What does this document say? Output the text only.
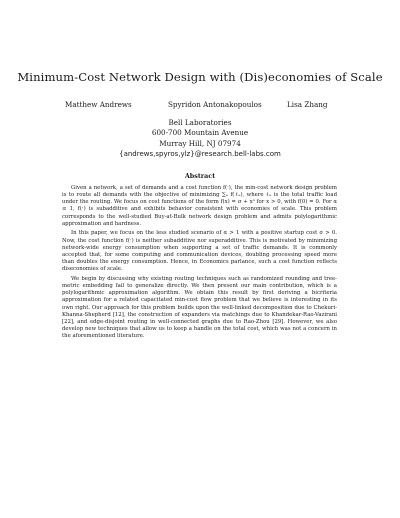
Minimum-Cost Network Design with (Dis)economies of Scale
Matthew Andrews	Spyridon Antonakopoulos	Lisa Zhang
Bell Laboratories
600-700 Mountain Avenue
Murray Hill, NJ 07974
{andrews,spyros,ylz}@research.bell-labs.com
Abstract

Given a network, a set of demands and a cost function f(·), the min-cost network design problem is to route all demands with the objective of minimizing ∑ₑ f(ℓₑ), where ℓₑ is the total traffic load under the routing. We focus on cost functions of the form f(x) = σ + xᵅ for x > 0, with f(0) = 0. For α ≤ 1, f(·) is subadditive and exhibits behavior consistent with economies of scale. This problem corresponds to the well-studied Buy-at-Bulk network design problem and admits polylogarithmic approximation and hardness.

In this paper, we focus on the less studied scenario of α > 1 with a positive startup cost σ > 0. Now, the cost function f(·) is neither subadditive nor superadditive. This is motivated by minimizing network-wide energy consumption when supporting a set of traffic demands. It is commonly accepted that, for some computing and communication devices, doubling processing speed more than doubles the energy consumption. Hence, in Economics parlance, such a cost function reflects diseconomies of scale.

We begin by discussing why existing routing techniques such as randomized rounding and tree-metric embedding fail to generalize directly. We then present our main contribution, which is a polylogarithmic approximation algorithm. We obtain this result by first deriving a bicriteria approximation for a related capacitated min-cost flow problem that we believe is interesting in its own right. Our approach for this problem builds upon the well-linked decomposition due to Chekuri-Khanna-Shepherd [12], the construction of expanders via matchings due to Khandekar-Rao-Vazirani [22], and edge-disjoint routing in well-connected graphs due to Rao-Zhou [29]. However, we also develop new techniques that allow us to keep a handle on the total cost, which was not a concern in the aforementioned literature.
